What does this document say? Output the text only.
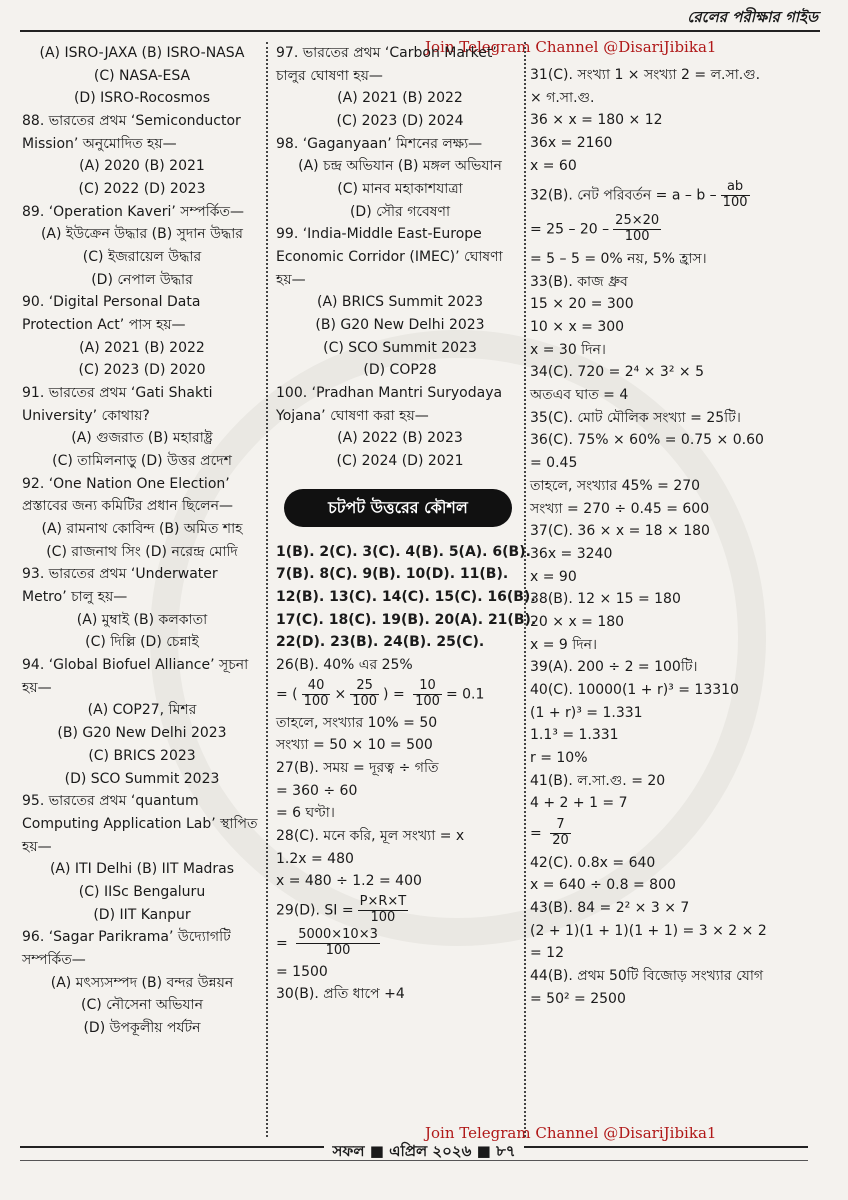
রেলের পরীক্ষার গাইড
Join Telegram Channel @DisariJibika1
(A) ISRO-JAXA (B) ISRO-NASA
(C) NASA-ESA
(D) ISRO-Rocosmos
88. ভারতের প্রথম ‘Semiconductor
Mission’ অনুমোদিত হয়—
(A) 2020 (B) 2021
(C) 2022 (D) 2023
89. ‘Operation Kaveri’ সম্পর্কিত—
(A) ইউক্রেন উদ্ধার (B) সুদান উদ্ধার
(C) ইজরায়েল উদ্ধার
(D) নেপাল উদ্ধার
90. ‘Digital Personal Data
Protection Act’ পাস হয়—
(A) 2021 (B) 2022
(C) 2023 (D) 2020
91. ভারতের প্রথম ‘Gati Shakti
University’ কোথায়?
(A) গুজরাত (B) মহারাষ্ট্র
(C) তামিলনাড়ু (D) উত্তর প্রদেশ
92. ‘One Nation One Election’
প্রস্তাবের জন্য কমিটির প্রধান ছিলেন—
(A) রামনাথ কোবিন্দ (B) অমিত শাহ
(C) রাজনাথ সিং (D) নরেন্দ্র মোদি
93. ভারতের প্রথম ‘Underwater
Metro’ চালু হয়—
(A) মুম্বাই (B) কলকাতা
(C) দিল্লি (D) চেন্নাই
94. ‘Global Biofuel Alliance’ সূচনা
হয়—
(A) COP27, মিশর
(B) G20 New Delhi 2023
(C) BRICS 2023
(D) SCO Summit 2023
95. ভারতের প্রথম ‘quantum
Computing Application Lab’ স্থাপিত
হয়—
(A) ITI Delhi (B) IIT Madras
(C) IISc Bengaluru
(D) IIT Kanpur
96. ‘Sagar Parikrama’ উদ্যোগটি
সম্পর্কিত—
(A) মৎস্যসম্পদ (B) বন্দর উন্নয়ন
(C) নৌসেনা অভিযান
(D) উপকূলীয় পর্যটন
97. ভারতের প্রথম ‘Carbon Market’
চালুর ঘোষণা হয়—
(A) 2021 (B) 2022
(C) 2023 (D) 2024
98. ‘Gaganyaan’ মিশনের লক্ষ্য—
(A) চন্দ্র অভিযান (B) মঙ্গল অভিযান
(C) মানব মহাকাশযাত্রা
(D) সৌর গবেষণা
99. ‘India-Middle East-Europe
Economic Corridor (IMEC)’ ঘোষণা
হয়—
(A) BRICS Summit 2023
(B) G20 New Delhi 2023
(C) SCO Summit 2023
(D) COP28
100. ‘Pradhan Mantri Suryodaya
Yojana’ ঘোষণা করা হয়—
(A) 2022 (B) 2023
(C) 2024 (D) 2021
চটপট উত্তরের কৌশল
1(B). 2(C). 3(C). 4(B). 5(A). 6(B).
7(B). 8(C). 9(B). 10(D). 11(B).
12(B). 13(C). 14(C). 15(C). 16(B).
17(C). 18(C). 19(B). 20(A). 21(B).
22(D). 23(B). 24(B). 25(C).
26(B). 40% এর 25%
= ( $\frac{40}{100} \times \frac{25}{100}$ ) = $\frac{10}{100} = 0.1$
তাহলে, সংখ্যার 10% = 50
সংখ্যা = 50 × 10 = 500
27(B). সময় = দূরত্ব ÷ গতি
= 360 ÷ 60
= 6 ঘণ্টা।
28(C). মনে করি, মূল সংখ্যা = x
1.2x = 480
x = 480 ÷ 1.2 = 400
29(D). SI = $\frac{P\times R\times T}{100}$
= $\frac{5000\times 10\times 3}{100}$
= 1500
30(B). প্রতি ধাপে +4
31(C). সংখ্যা 1 × সংখ্যা 2 = ল.সা.গু.
× গ.সা.গু.
36 × x = 180 × 12
36x = 2160
x = 60
32(B). নেট পরিবর্তন = a – b – $\frac{ab}{100}$
= $25 - 20 - \frac{25\times 20}{100}$
= 5 – 5 = 0% নয়, 5% হ্রাস।
33(B). কাজ ধ্রুব
15 × 20 = 300
10 × x = 300
x = 30 দিন।
34(C). 720 = 2⁴ × 3² × 5
অতএব ঘাত = 4
35(C). মোট মৌলিক সংখ্যা = 25টি।
36(C). 75% × 60% = 0.75 × 0.60
= 0.45
তাহলে, সংখ্যার 45% = 270
সংখ্যা = 270 ÷ 0.45 = 600
37(C). 36 × x = 18 × 180
36x = 3240
x = 90
38(B). 12 × 15 = 180
20 × x = 180
x = 9 দিন।
39(A). 200 ÷ 2 = 100টি।
40(C). 10000(1 + r)³ = 13310
(1 + r)³ = 1.331
1.1³ = 1.331
r = 10%
41(B). ল.সা.গু. = 20
4 + 2 + 1 = 7
= $\frac{7}{20}$
42(C). 0.8x = 640
x = 640 ÷ 0.8 = 800
43(B). 84 = 2² × 3 × 7
(2 + 1)(1 + 1)(1 + 1) = 3 × 2 × 2
= 12
44(B). প্রথম 50টি বিজোড় সংখ্যার যোগ
= 50² = 2500
Join Telegram Channel @DisariJibika1
সফল ■ এপ্রিল ২০২৬ ■ ৮৭
